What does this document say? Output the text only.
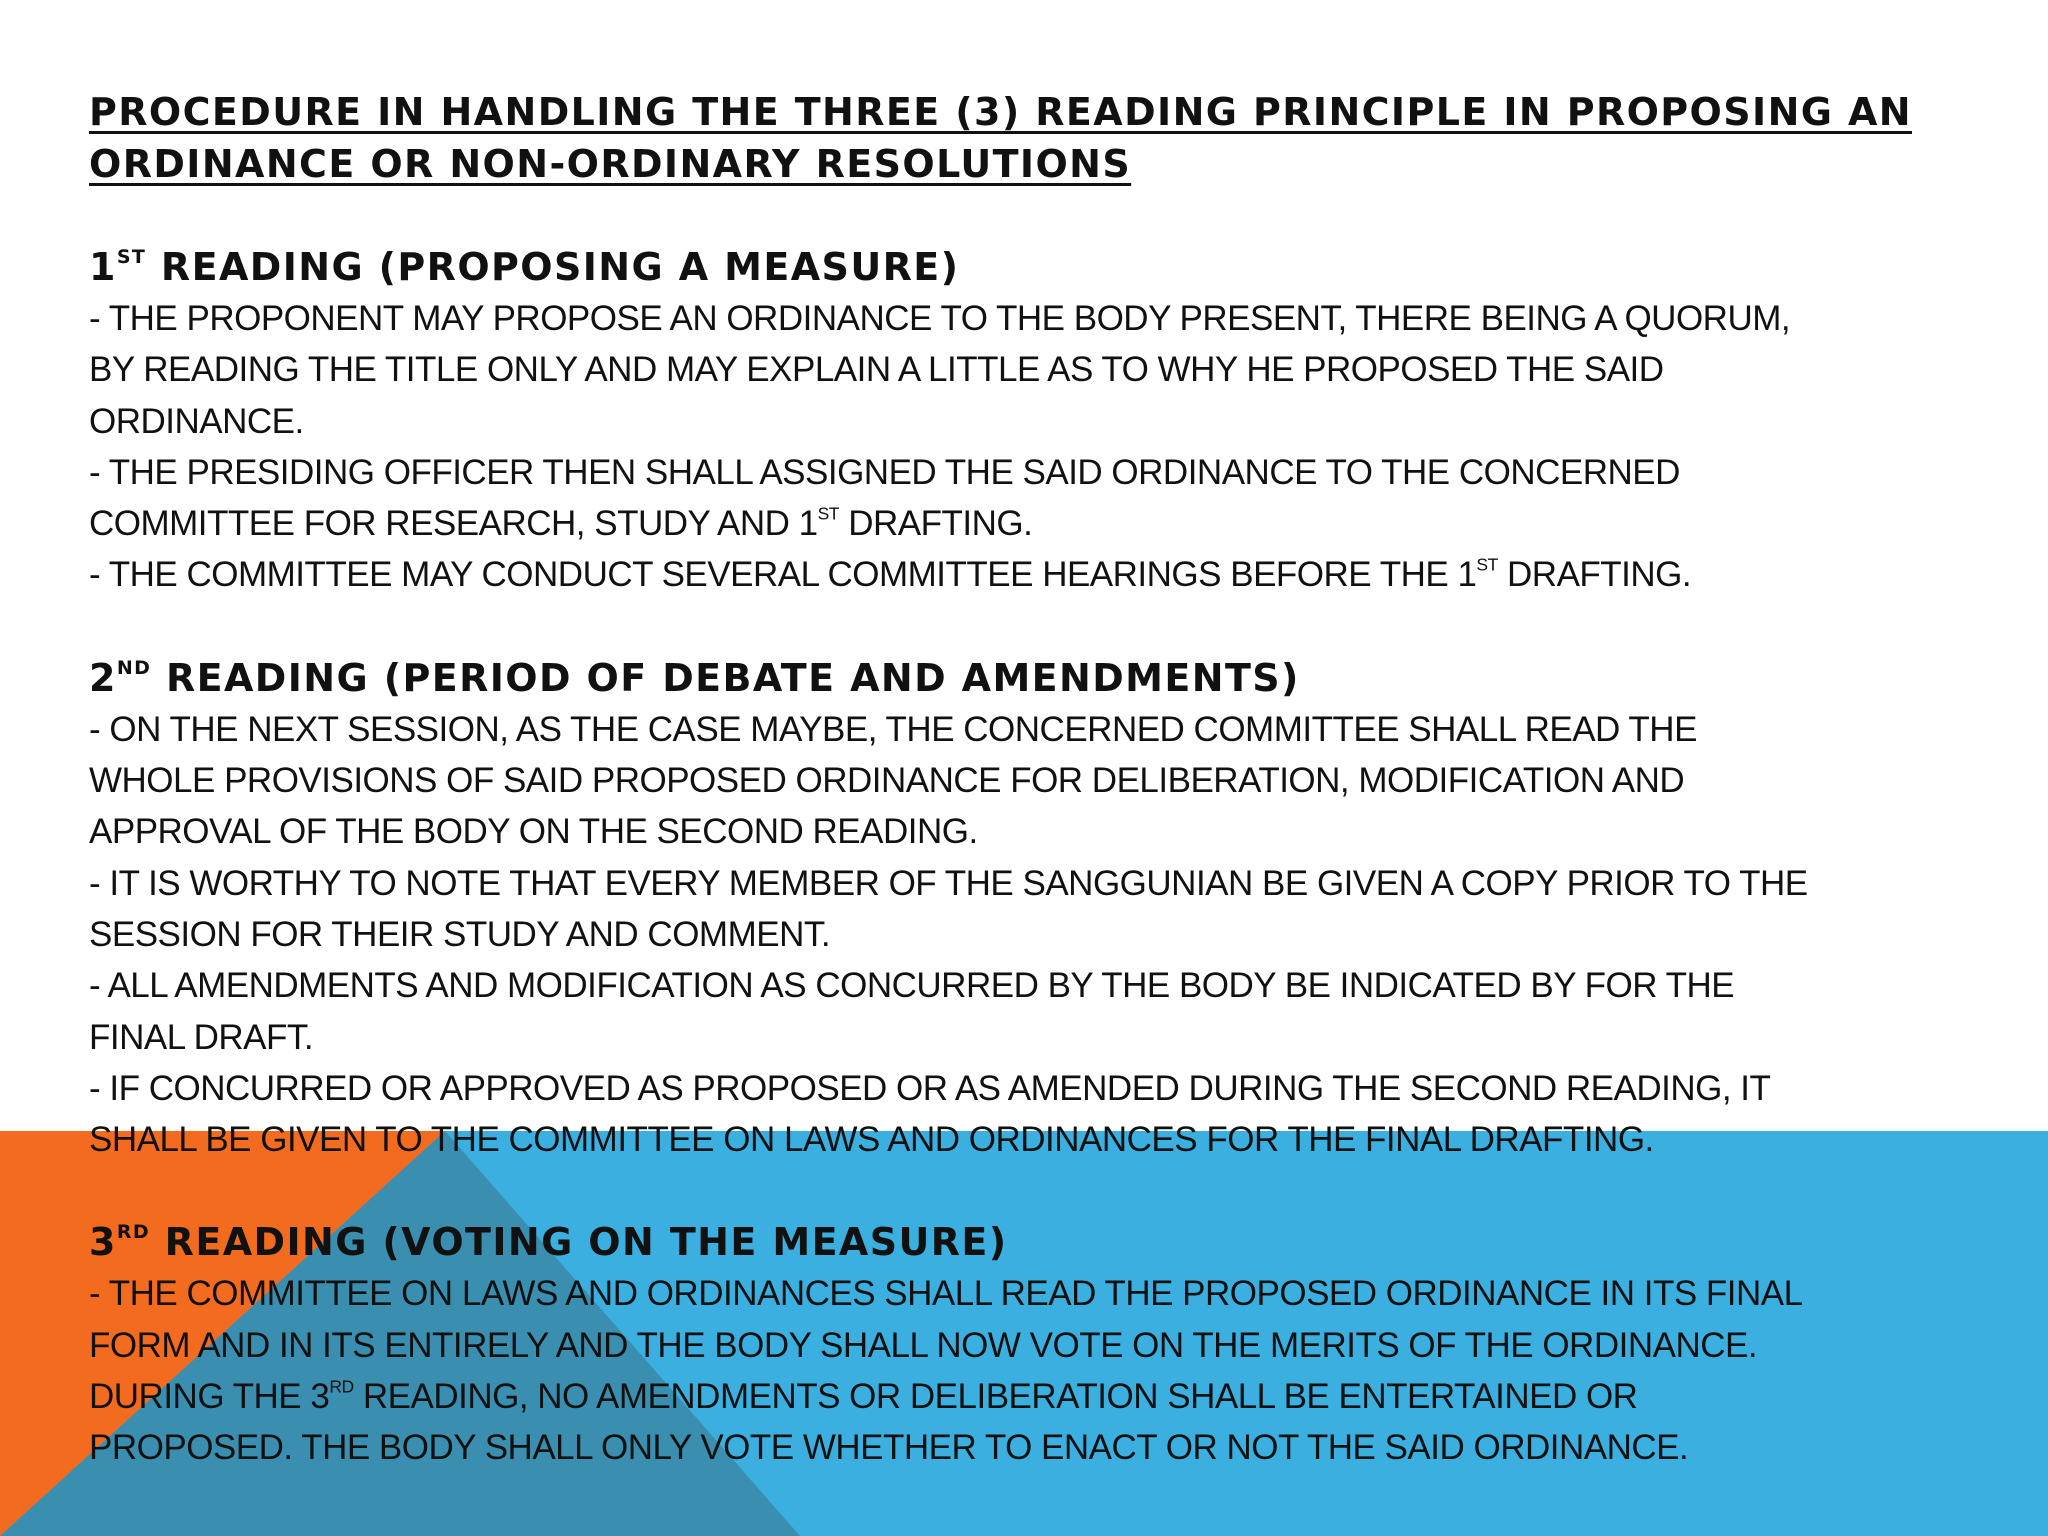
PROCEDURE IN HANDLING THE THREE (3) READING PRINCIPLE IN PROPOSING AN
ORDINANCE OR NON-ORDINARY RESOLUTIONS
1ST READING (PROPOSING A MEASURE)
- THE PROPONENT MAY PROPOSE AN ORDINANCE TO THE BODY PRESENT, THERE BEING A QUORUM,
BY READING THE TITLE ONLY AND MAY EXPLAIN A LITTLE AS TO WHY HE PROPOSED THE SAID
ORDINANCE.
- THE PRESIDING OFFICER THEN SHALL ASSIGNED THE SAID ORDINANCE TO THE CONCERNED
COMMITTEE FOR RESEARCH, STUDY AND 1ST DRAFTING.
- THE COMMITTEE MAY CONDUCT SEVERAL COMMITTEE HEARINGS BEFORE THE 1ST DRAFTING.
2ND READING (PERIOD OF DEBATE AND AMENDMENTS)
- ON THE NEXT SESSION, AS THE CASE MAYBE, THE CONCERNED COMMITTEE SHALL READ THE
WHOLE PROVISIONS OF SAID PROPOSED ORDINANCE FOR DELIBERATION, MODIFICATION AND
APPROVAL OF THE BODY ON THE SECOND READING.
- IT IS WORTHY TO NOTE THAT EVERY MEMBER OF THE SANGGUNIAN BE GIVEN A COPY PRIOR TO THE
SESSION FOR THEIR STUDY AND COMMENT.
- ALL AMENDMENTS AND MODIFICATION AS CONCURRED BY THE BODY BE INDICATED BY FOR THE
FINAL DRAFT.
- IF CONCURRED OR APPROVED AS PROPOSED OR AS AMENDED DURING THE SECOND READING, IT
SHALL BE GIVEN TO THE COMMITTEE ON LAWS AND ORDINANCES FOR THE FINAL DRAFTING.
3RD READING (VOTING ON THE MEASURE)
- THE COMMITTEE ON LAWS AND ORDINANCES SHALL READ THE PROPOSED ORDINANCE IN ITS FINAL
FORM AND IN ITS ENTIRELY AND THE BODY SHALL NOW VOTE ON THE MERITS OF THE ORDINANCE.
DURING THE 3RD READING, NO AMENDMENTS OR DELIBERATION SHALL BE ENTERTAINED OR
PROPOSED. THE BODY SHALL ONLY VOTE WHETHER TO ENACT OR NOT THE SAID ORDINANCE.
